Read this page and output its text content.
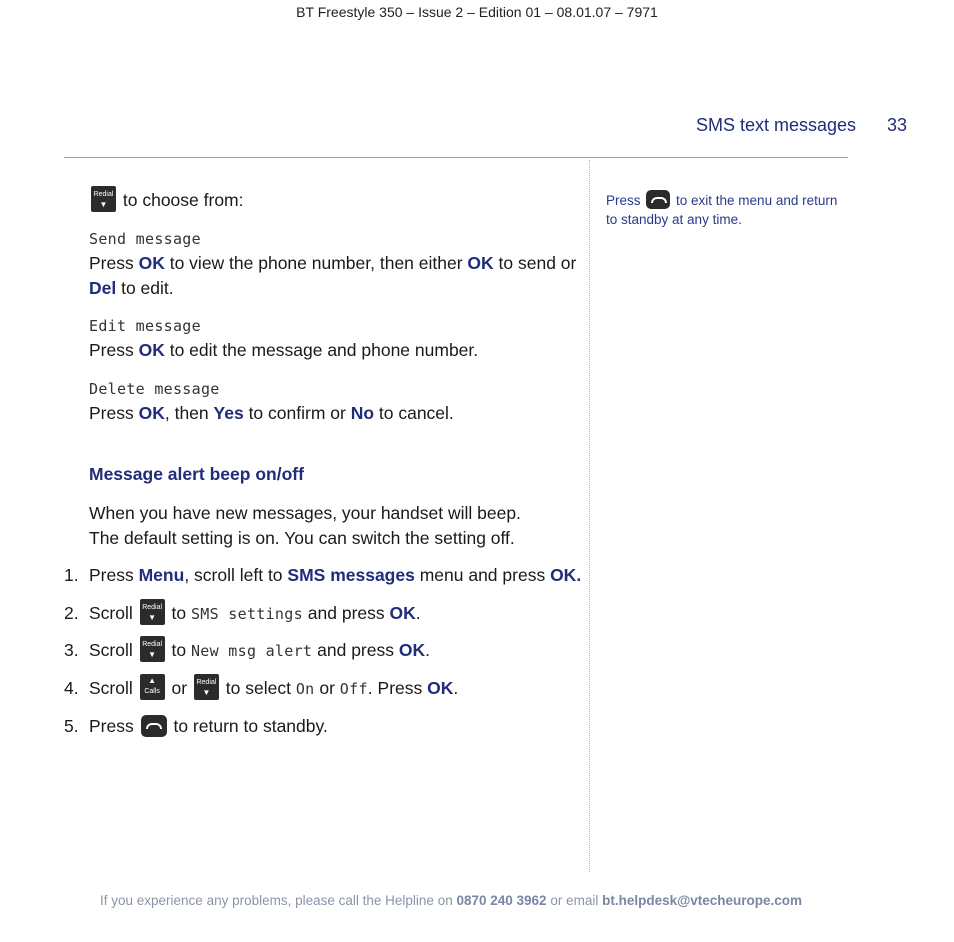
BT Freestyle 350 – Issue 2 – Edition 01 – 08.01.07 – 7971
SMS text messages 33
Redial
▼ to choose from:
Send message
Press OK to view the phone number, then either OK to send or
Del to edit.
Edit message
Press OK to edit the message and phone number.
Delete message
Press OK, then Yes to confirm or No to cancel.
Message alert beep on/off
When you have new messages, your handset will beep.
The default setting is on. You can switch the setting off.
1. Press Menu, scroll left to SMS messages menu and press OK.
2. Scroll Redial
▼ to SMS settings and press OK.
3. Scroll Redial
▼ to New msg alert and press OK.
4. Scroll	▲
Calls or Redial
▼ to select On or Off. Press OK.
5. Press
to return to standby.
Press
to exit the menu and return to standby at any time.
If you experience any problems, please call the Helpline on 0870 240 3962 or email bt.helpdesk@vtecheurope.com
